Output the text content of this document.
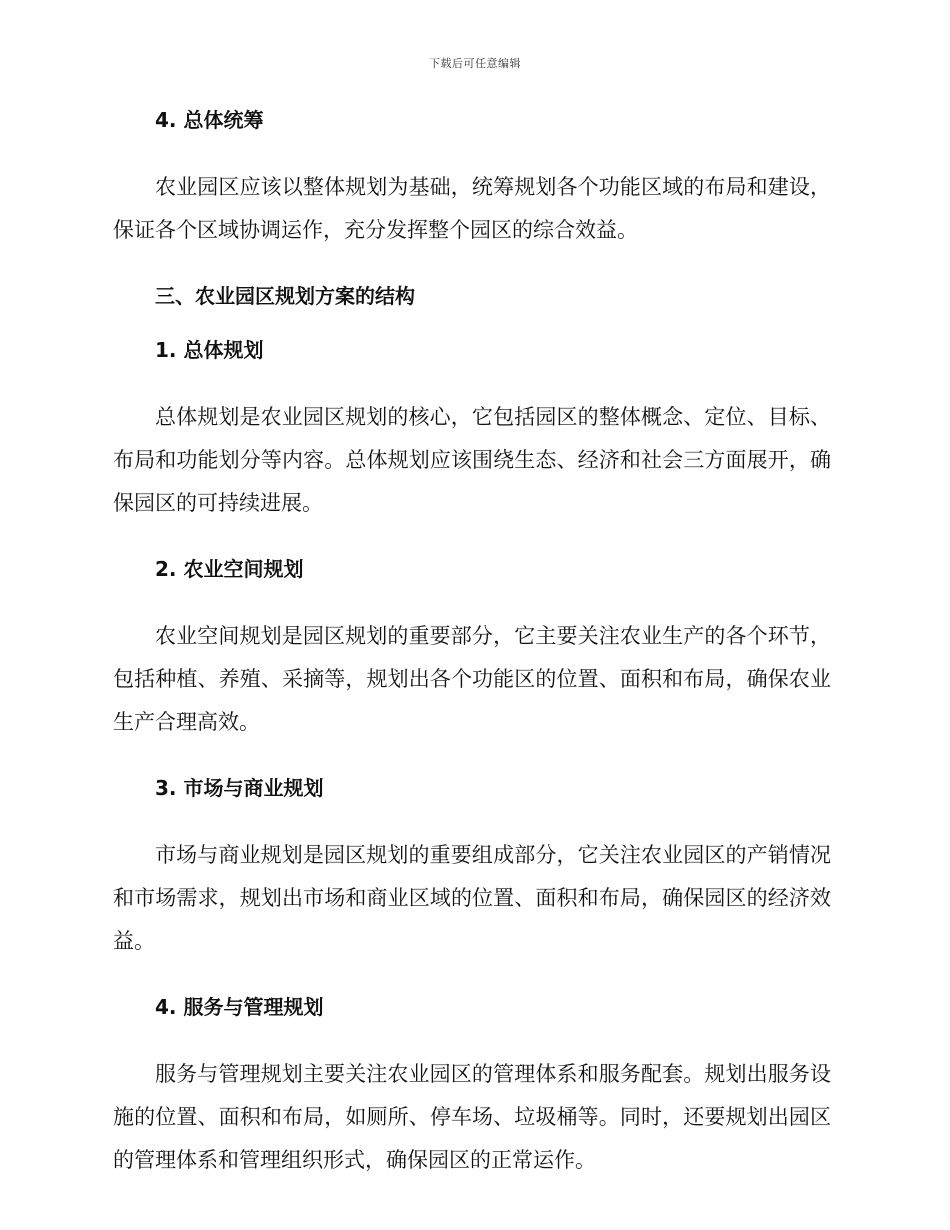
下载后可任意编辑
4. 总体统筹

农业园区应该以整体规划为基础，统筹规划各个功能区域的布局和建设，保证各个区域协调运作，充分发挥整个园区的综合效益。

三、农业园区规划方案的结构
1. 总体规划

总体规划是农业园区规划的核心，它包括园区的整体概念、定位、目标、布局和功能划分等内容。总体规划应该围绕生态、经济和社会三方面展开，确保园区的可持续进展。

2. 农业空间规划

农业空间规划是园区规划的重要部分，它主要关注农业生产的各个环节，包括种植、养殖、采摘等，规划出各个功能区的位置、面积和布局，确保农业生产合理高效。

3. 市场与商业规划

市场与商业规划是园区规划的重要组成部分，它关注农业园区的产销情况和市场需求，规划出市场和商业区域的位置、面积和布局，确保园区的经济效益。

4. 服务与管理规划

服务与管理规划主要关注农业园区的管理体系和服务配套。规划出服务设施的位置、面积和布局，如厕所、停车场、垃圾桶等。同时，还要规划出园区的管理体系和管理组织形式，确保园区的正常运作。
